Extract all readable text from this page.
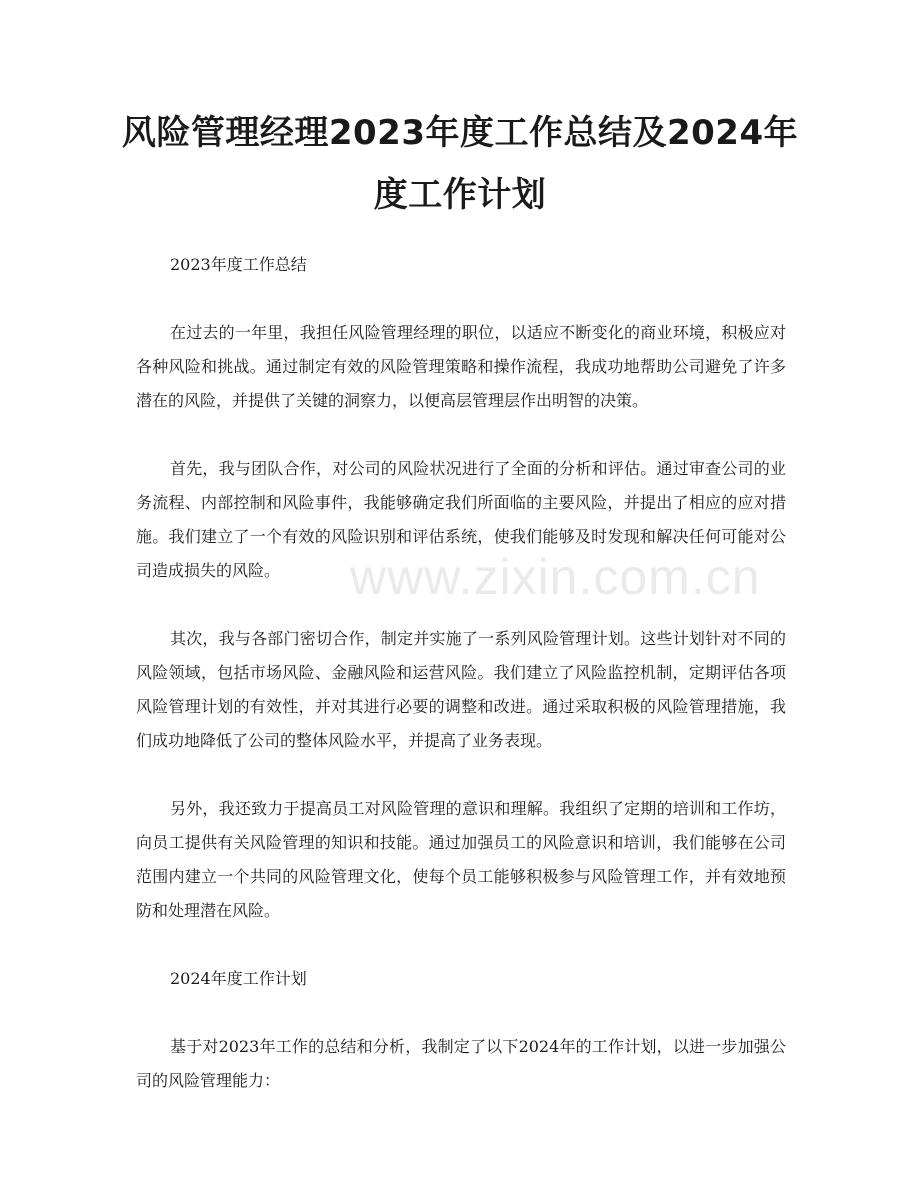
风险管理经理2023年度工作总结及2024年度工作计划

2023年度工作总结

在过去的一年里，我担任风险管理经理的职位，以适应不断变化的商业环境，积极应对各种风险和挑战。通过制定有效的风险管理策略和操作流程，我成功地帮助公司避免了许多潜在的风险，并提供了关键的洞察力，以便高层管理层作出明智的决策。

首先，我与团队合作，对公司的风险状况进行了全面的分析和评估。通过审查公司的业务流程、内部控制和风险事件，我能够确定我们所面临的主要风险，并提出了相应的应对措施。我们建立了一个有效的风险识别和评估系统，使我们能够及时发现和解决任何可能对公司造成损失的风险。

其次，我与各部门密切合作，制定并实施了一系列风险管理计划。这些计划针对不同的风险领域，包括市场风险、金融风险和运营风险。我们建立了风险监控机制，定期评估各项风险管理计划的有效性，并对其进行必要的调整和改进。通过采取积极的风险管理措施，我们成功地降低了公司的整体风险水平，并提高了业务表现。

另外，我还致力于提高员工对风险管理的意识和理解。我组织了定期的培训和工作坊，向员工提供有关风险管理的知识和技能。通过加强员工的风险意识和培训，我们能够在公司范围内建立一个共同的风险管理文化，使每个员工能够积极参与风险管理工作，并有效地预防和处理潜在风险。

2024年度工作计划

基于对2023年工作的总结和分析，我制定了以下2024年的工作计划，以进一步加强公司的风险管理能力：

www.zixin.com.cn
